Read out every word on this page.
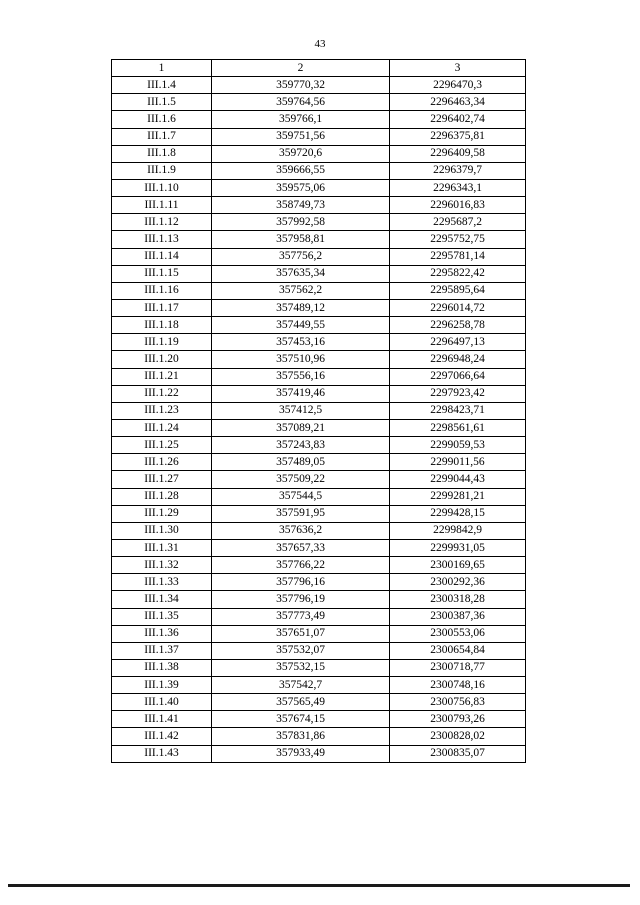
43
1	2	3
III.1.4	359770,32	2296470,3
III.1.5	359764,56	2296463,34
III.1.6	359766,1	2296402,74
III.1.7	359751,56	2296375,81
III.1.8	359720,6	2296409,58
III.1.9	359666,55	2296379,7
III.1.10	359575,06	2296343,1
III.1.11	358749,73	2296016,83
III.1.12	357992,58	2295687,2
III.1.13	357958,81	2295752,75
III.1.14	357756,2	2295781,14
III.1.15	357635,34	2295822,42
III.1.16	357562,2	2295895,64
III.1.17	357489,12	2296014,72
III.1.18	357449,55	2296258,78
III.1.19	357453,16	2296497,13
III.1.20	357510,96	2296948,24
III.1.21	357556,16	2297066,64
III.1.22	357419,46	2297923,42
III.1.23	357412,5	2298423,71
III.1.24	357089,21	2298561,61
III.1.25	357243,83	2299059,53
III.1.26	357489,05	2299011,56
III.1.27	357509,22	2299044,43
III.1.28	357544,5	2299281,21
III.1.29	357591,95	2299428,15
III.1.30	357636,2	2299842,9
III.1.31	357657,33	2299931,05
III.1.32	357766,22	2300169,65
III.1.33	357796,16	2300292,36
III.1.34	357796,19	2300318,28
III.1.35	357773,49	2300387,36
III.1.36	357651,07	2300553,06
III.1.37	357532,07	2300654,84
III.1.38	357532,15	2300718,77
III.1.39	357542,7	2300748,16
III.1.40	357565,49	2300756,83
III.1.41	357674,15	2300793,26
III.1.42	357831,86	2300828,02
III.1.43	357933,49	2300835,07
